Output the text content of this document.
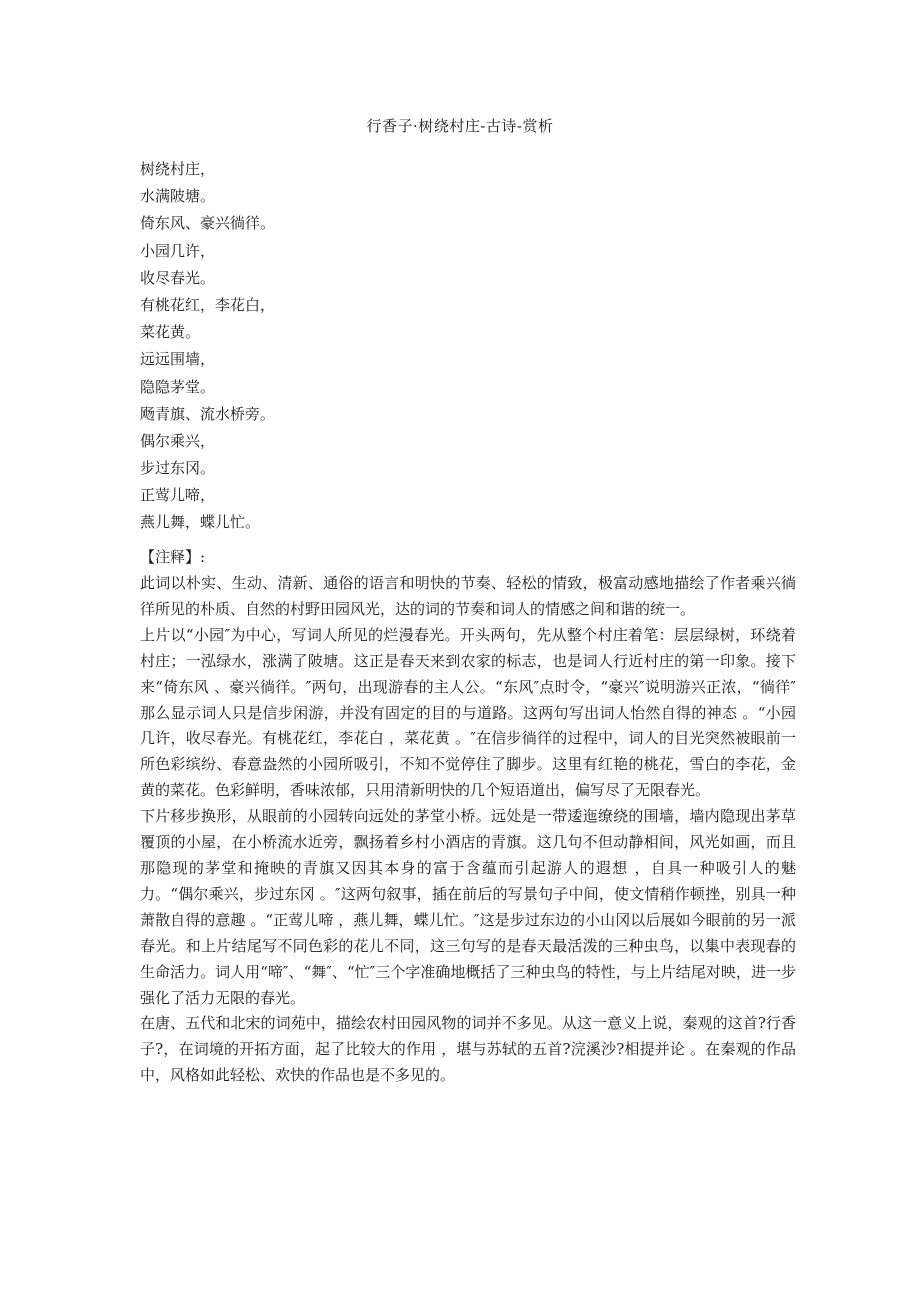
行香子·树绕村庄-古诗-赏析
树绕村庄，
水满陂塘。
倚东风、豪兴徜徉。
小园几许，
收尽春光。
有桃花红，李花白，
菜花黄。
远远围墙，
隐隐茅堂。
飏青旗、流水桥旁。
偶尔乘兴，
步过东冈。
正莺儿啼，
燕儿舞，蝶儿忙。
【注释】:

此词以朴实、生动、清新、通俗的语言和明快的节奏、轻松的情致，极富动感地描绘了作者乘兴徜徉所见的朴质、自然的村野田园风光，达的词的节奏和词人的情感之间和谐的统一。

上片以“小园″为中心，写词人所见的烂漫春光。开头两句，先从整个村庄着笔：层层绿树，环绕着村庄；一泓绿水，涨满了陂塘。这正是春天来到农家的标志，也是词人行近村庄的第一印象。接下来“倚东风 、豪兴徜徉。″两句，出现游春的主人公。“东风″点时令，“豪兴″说明游兴正浓，“徜徉″那么显示词人只是信步闲游，并没有固定的目的与道路。这两句写出词人怡然自得的神态 。“小园几许，收尽春光。有桃花红，李花白 ，菜花黄 。″在信步徜徉的过程中，词人的目光突然被眼前一所色彩缤纷、春意盎然的小园所吸引，不知不觉停住了脚步。这里有红艳的桃花，雪白的李花，金黄的菜花。色彩鲜明，香味浓郁，只用清新明快的几个短语道出，偏写尽了无限春光。

下片移步换形，从眼前的小园转向远处的茅堂小桥。远处是一带逶迤缭绕的围墙，墙内隐现出茅草覆顶的小屋，在小桥流水近旁，飘扬着乡村小酒店的青旗。这几句不但动静相间，风光如画，而且那隐现的茅堂和掩映的青旗又因其本身的富于含蕴而引起游人的遐想 ，自具一种吸引人的魅力。“偶尔乘兴，步过东冈 。″这两句叙事，插在前后的写景句子中间，使文情稍作顿挫，别具一种萧散自得的意趣 。“正莺儿啼 ，燕儿舞，蝶儿忙。″这是步过东边的小山冈以后展如今眼前的另一派春光。和上片结尾写不同色彩的花儿不同，这三句写的是春天最活泼的三种虫鸟，以集中表现春的生命活力。词人用“啼″、“舞″、“忙″三个字准确地概括了三种虫鸟的特性，与上片结尾对映，进一步强化了活力无限的春光。

在唐、五代和北宋的词苑中，描绘农村田园风物的词并不多见。从这一意义上说，秦观的这首?行香子?，在词境的开拓方面，起了比较大的作用 ，堪与苏轼的五首?浣溪沙?相提并论 。在秦观的作品中，风格如此轻松、欢快的作品也是不多见的。
